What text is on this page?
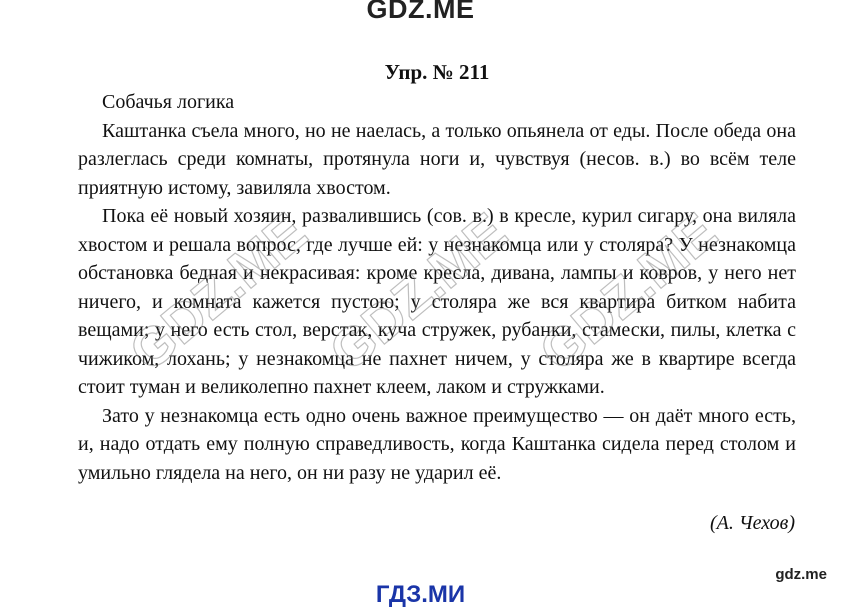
GDZ.ME
Упр. № 211

Собачья логика

Каштанка съела много, но не наелась, а только опьянела от еды. После обеда она разлеглась среди комнаты, протянула ноги и, чувствуя (несов. в.) во всём теле приятную истому, завиляла хвостом.

Пока её новый хозяин, развалившись (сов. в.) в кресле, курил сигару, она виляла хвостом и решала вопрос, где лучше ей: у незнакомца или у столяра? У незнакомца обстановка бедная и некрасивая: кроме кресла, дивана, лампы и ковров, у него нет ничего, и комната кажется пустою; у столяра же вся квартира битком набита вещами; у него есть стол, верстак, куча стружек, рубанки, стамески, пилы, клетка с чижиком, лохань; у незнакомца не пахнет ничем, у столяра же в квартире всегда стоит туман и великолепно пахнет клеем, лаком и стружками.

Зато у незнакомца есть одно очень важное преимущество — он даёт много есть, и, надо отдать ему полную справедливость, когда Каштанка сидела перед столом и умильно глядела на него, он ни разу не ударил её.

(А. Чехов)
GDZ.ME GDZ.ME GDZ.ME
gdz.me
ГДЗ.МИ
